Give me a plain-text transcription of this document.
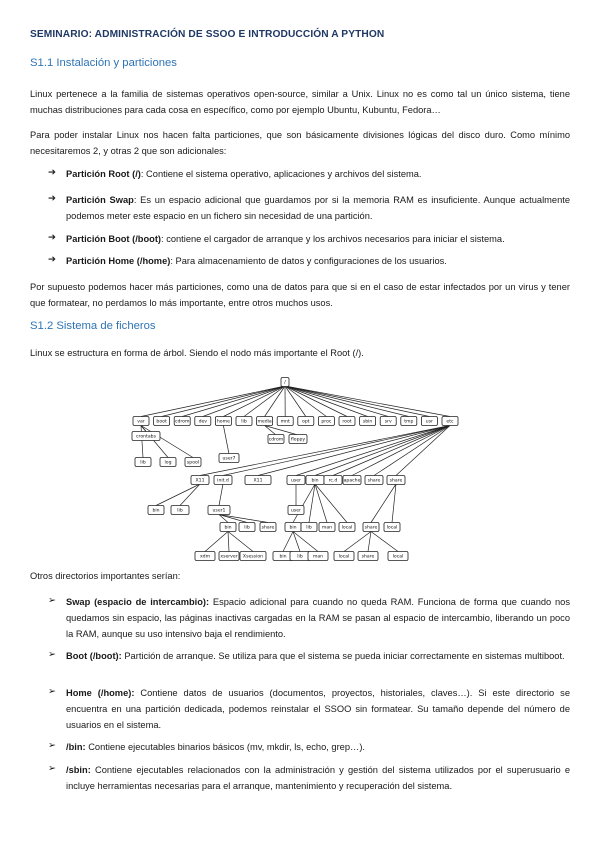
SEMINARIO: ADMINISTRACIÓN DE SSOO E INTRODUCCIÓN A PYTHON
S1.1 Instalación y particiones

Linux pertenece a la familia de sistemas operativos open-source, similar a Unix. Linux no es como tal un único sistema, tiene muchas distribuciones para cada cosa en específico, como por ejemplo Ubuntu, Kubuntu, Fedora…

Para poder instalar Linux nos hacen falta particiones, que son básicamente divisiones lógicas del disco duro. Como mínimo necesitaremos 2, y otras 2 que son adicionales:

➔ Partición Root (/): Contiene el sistema operativo, aplicaciones y archivos del sistema.

➔ Partición Swap: Es un espacio adicional que guardamos por si la memoria RAM es insuficiente. Aunque actualmente podemos meter este espacio en un fichero sin necesidad de una partición.

➔ Partición Boot (/boot): contiene el cargador de arranque y los archivos necesarios para iniciar el sistema.

➔ Partición Home (/home): Para almacenamiento de datos y configuraciones de los usuarios.

Por supuesto podemos hacer más particiones, como una de datos para que si en el caso de estar infectados por un virus y tener que formatear, no perdamos lo más importante, entre otros muchos usos.

S1.2 Sistema de ficheros

Linux se estructura en forma de árbol. Siendo el nodo más importante el Root (/).

/
var	boot cdrom dev home lib media mnt	opt	proc root sbin	srv	tmp	usr	etc
crontabs
lib	log	spool
cdrom floppy
user7
X11	init.d	X11	user bin rc.d apache share share
bin	lib	user1	user
bin	lib	share	bin lib man local	share local
xdm xserver Xsession	bin lib man	local	share	local

Otros directorios importantes serían:

➢ Swap (espacio de intercambio): Espacio adicional para cuando no queda RAM. Funciona de forma que cuando nos quedamos sin espacio, las páginas inactivas cargadas en la RAM se pasan al espacio de intercambio, liberando un poco la RAM, aunque su uso intensivo baja el rendimiento.

➢ Boot (/boot): Partición de arranque. Se utiliza para que el sistema se pueda iniciar correctamente en sistemas multiboot.

➢ Home (/home): Contiene datos de usuarios (documentos, proyectos, historiales, claves…). Si este directorio se encuentra en una partición dedicada, podemos reinstalar el SSOO sin formatear. Su tamaño depende del número de usuarios en el sistema.

➢ /bin: Contiene ejecutables binarios básicos (mv, mkdir, ls, echo, grep…).

➢ /sbin: Contiene ejecutables relacionados con la administración y gestión del sistema utilizados por el superusuario e incluye herramientas necesarias para el arranque, mantenimiento y recuperación del sistema.
